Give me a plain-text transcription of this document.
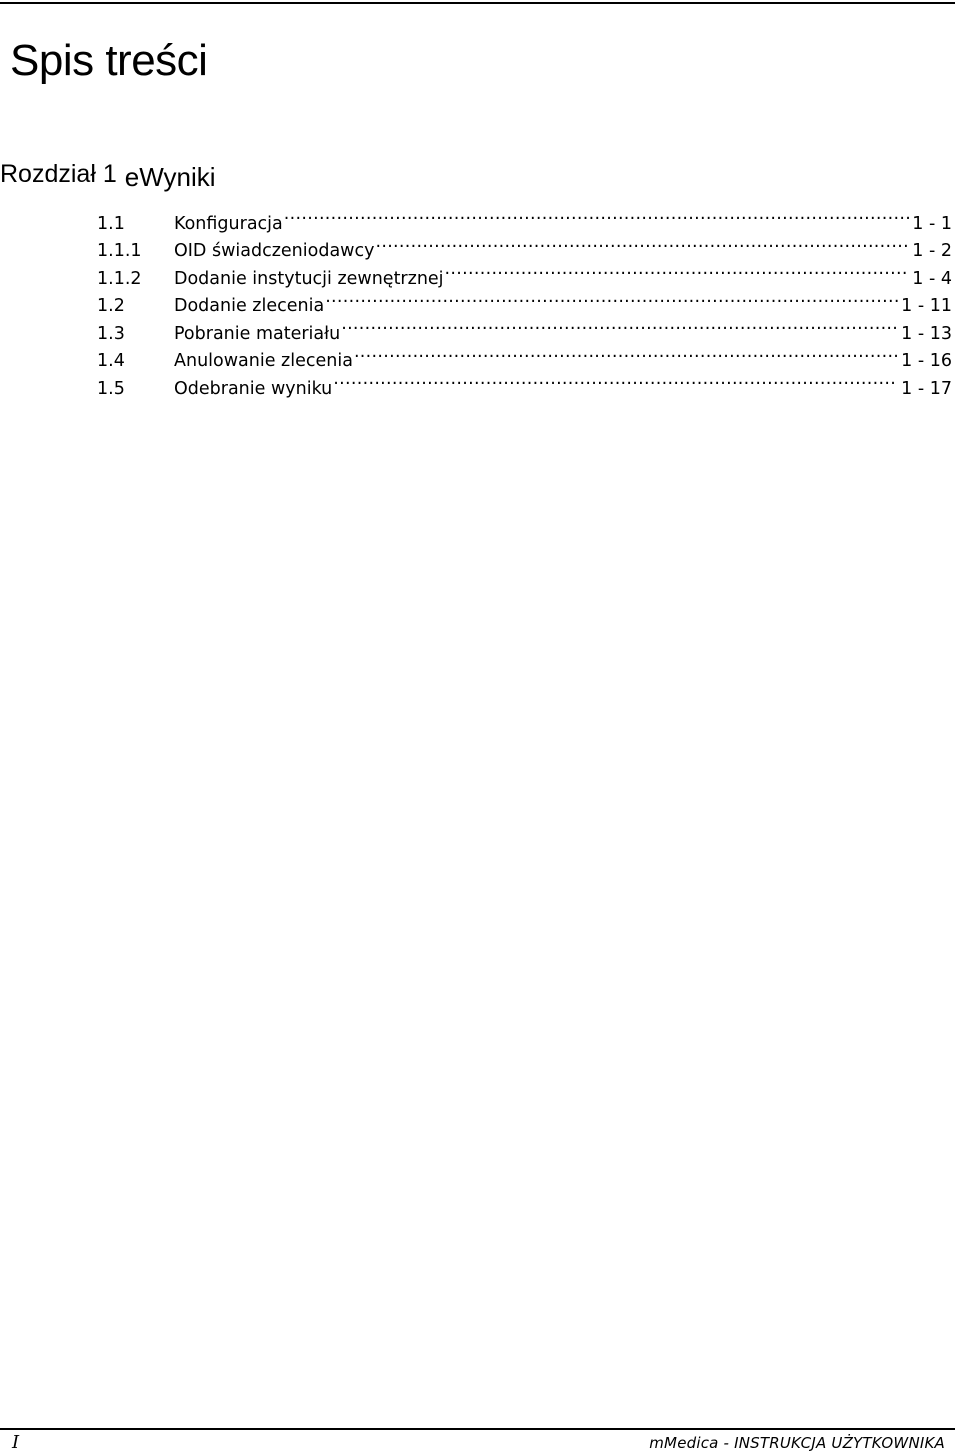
Spis treści
Rozdział 1 eWyniki
1.1	Konfiguracja .....	1 - 1
1.1.1	OID świadczeniodawcy .....	1 - 2
1.1.2	Dodanie instytucji zewnętrznej .....	1 - 4
1.2	Dodanie zlecenia .....	1 - 11
1.3	Pobranie materiału .....	1 - 13
1.4	Anulowanie zlecenia .....	1 - 16
1.5	Odebranie wyniku .....	1 - 17
I	mMedica - INSTRUKCJA UŻYTKOWNIKA
